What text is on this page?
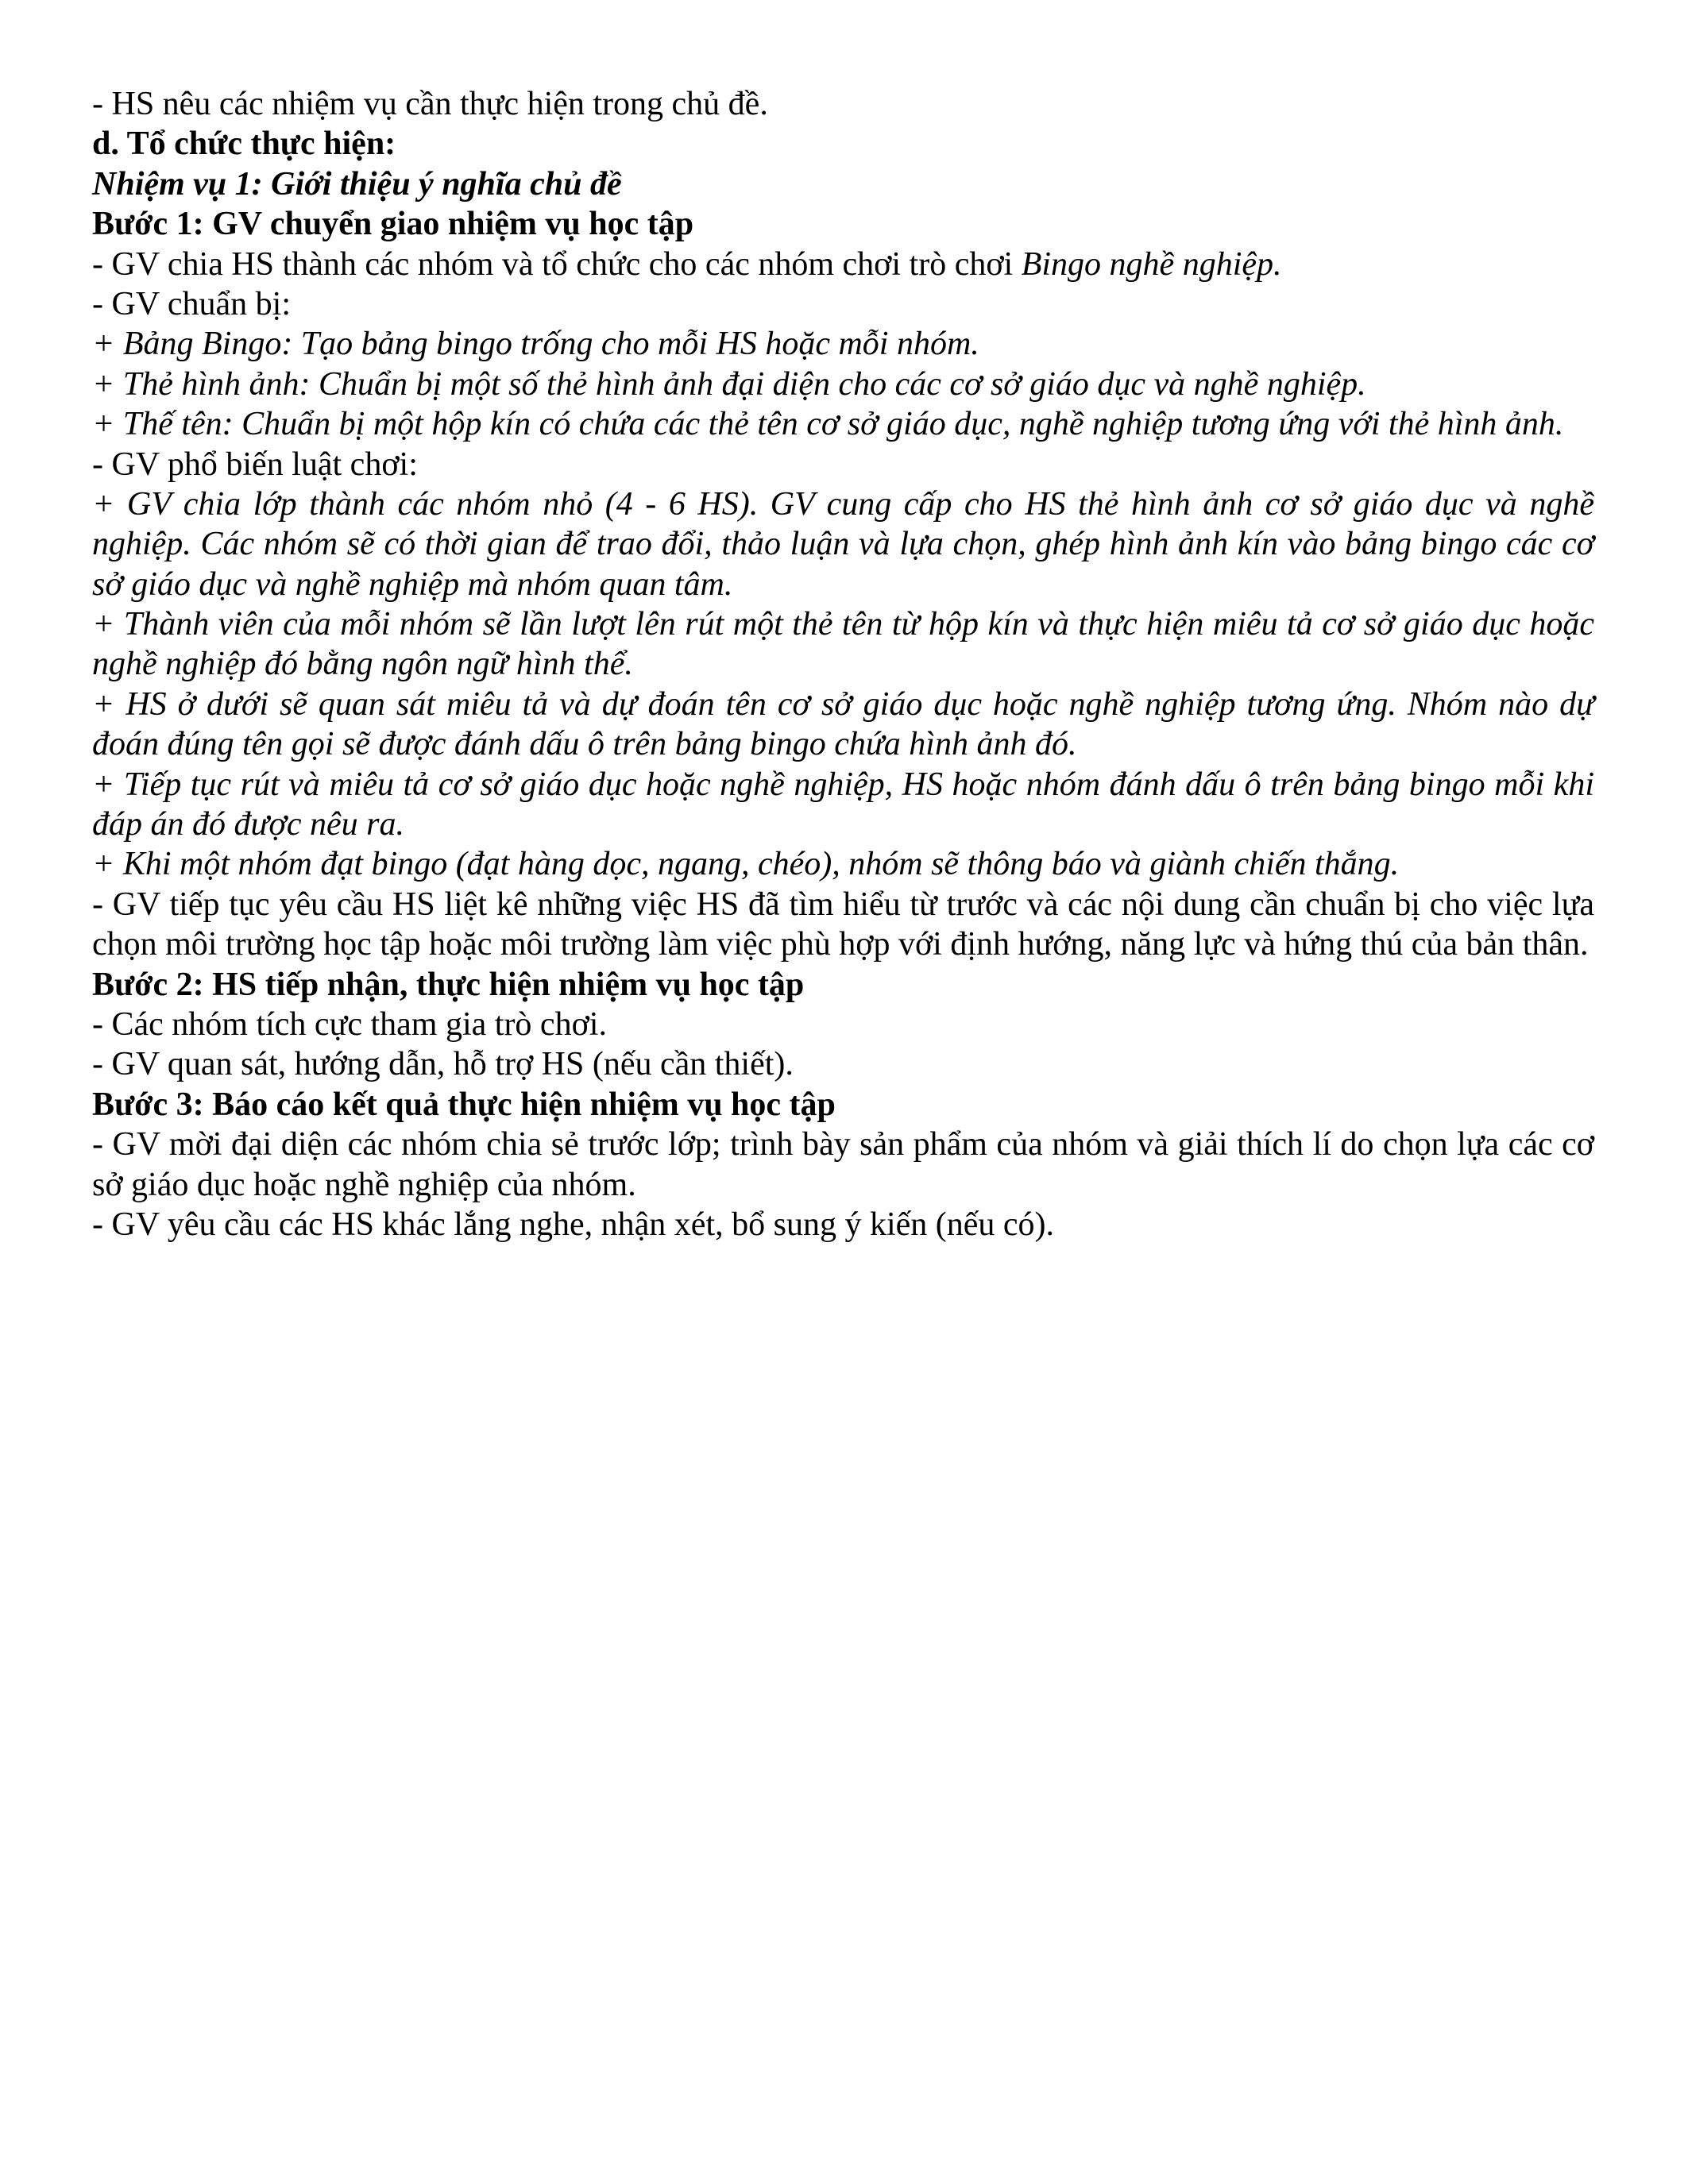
- HS nêu các nhiệm vụ cần thực hiện trong chủ đề.

d. Tổ chức thực hiện:

Nhiệm vụ 1: Giới thiệu ý nghĩa chủ đề

Bước 1: GV chuyển giao nhiệm vụ học tập

- GV chia HS thành các nhóm và tổ chức cho các nhóm chơi trò chơi Bingo nghề nghiệp.

- GV chuẩn bị:

+ Bảng Bingo: Tạo bảng bingo trống cho mỗi HS hoặc mỗi nhóm.

+ Thẻ hình ảnh: Chuẩn bị một số thẻ hình ảnh đại diện cho các cơ sở giáo dục và nghề nghiệp.

+ Thế tên: Chuẩn bị một hộp kín có chứa các thẻ tên cơ sở giáo dục, nghề nghiệp tương ứng với thẻ hình ảnh.

- GV phổ biến luật chơi:

+ GV chia lớp thành các nhóm nhỏ (4 - 6 HS). GV cung cấp cho HS thẻ hình ảnh cơ sở giáo dục và nghề nghiệp. Các nhóm sẽ có thời gian để trao đổi, thảo luận và lựa chọn, ghép hình ảnh kín vào bảng bingo các cơ sở giáo dục và nghề nghiệp mà nhóm quan tâm.

+ Thành viên của mỗi nhóm sẽ lần lượt lên rút một thẻ tên từ hộp kín và thực hiện miêu tả cơ sở giáo dục hoặc nghề nghiệp đó bằng ngôn ngữ hình thể.

+ HS ở dưới sẽ quan sát miêu tả và dự đoán tên cơ sở giáo dục hoặc nghề nghiệp tương ứng. Nhóm nào dự đoán đúng tên gọi sẽ được đánh dấu ô trên bảng bingo chứa hình ảnh đó.

+ Tiếp tục rút và miêu tả cơ sở giáo dục hoặc nghề nghiệp, HS hoặc nhóm đánh dấu ô trên bảng bingo mỗi khi đáp án đó được nêu ra.

+ Khi một nhóm đạt bingo (đạt hàng dọc, ngang, chéo), nhóm sẽ thông báo và giành chiến thắng.

- GV tiếp tục yêu cầu HS liệt kê những việc HS đã tìm hiểu từ trước và các nội dung cần chuẩn bị cho việc lựa chọn môi trường học tập hoặc môi trường làm việc phù hợp với định hướng, năng lực và hứng thú của bản thân.

Bước 2: HS tiếp nhận, thực hiện nhiệm vụ học tập

- Các nhóm tích cực tham gia trò chơi.

- GV quan sát, hướng dẫn, hỗ trợ HS (nếu cần thiết).

Bước 3: Báo cáo kết quả thực hiện nhiệm vụ học tập

- GV mời đại diện các nhóm chia sẻ trước lớp; trình bày sản phẩm của nhóm và giải thích lí do chọn lựa các cơ sở giáo dục hoặc nghề nghiệp của nhóm.

- GV yêu cầu các HS khác lắng nghe, nhận xét, bổ sung ý kiến (nếu có).
